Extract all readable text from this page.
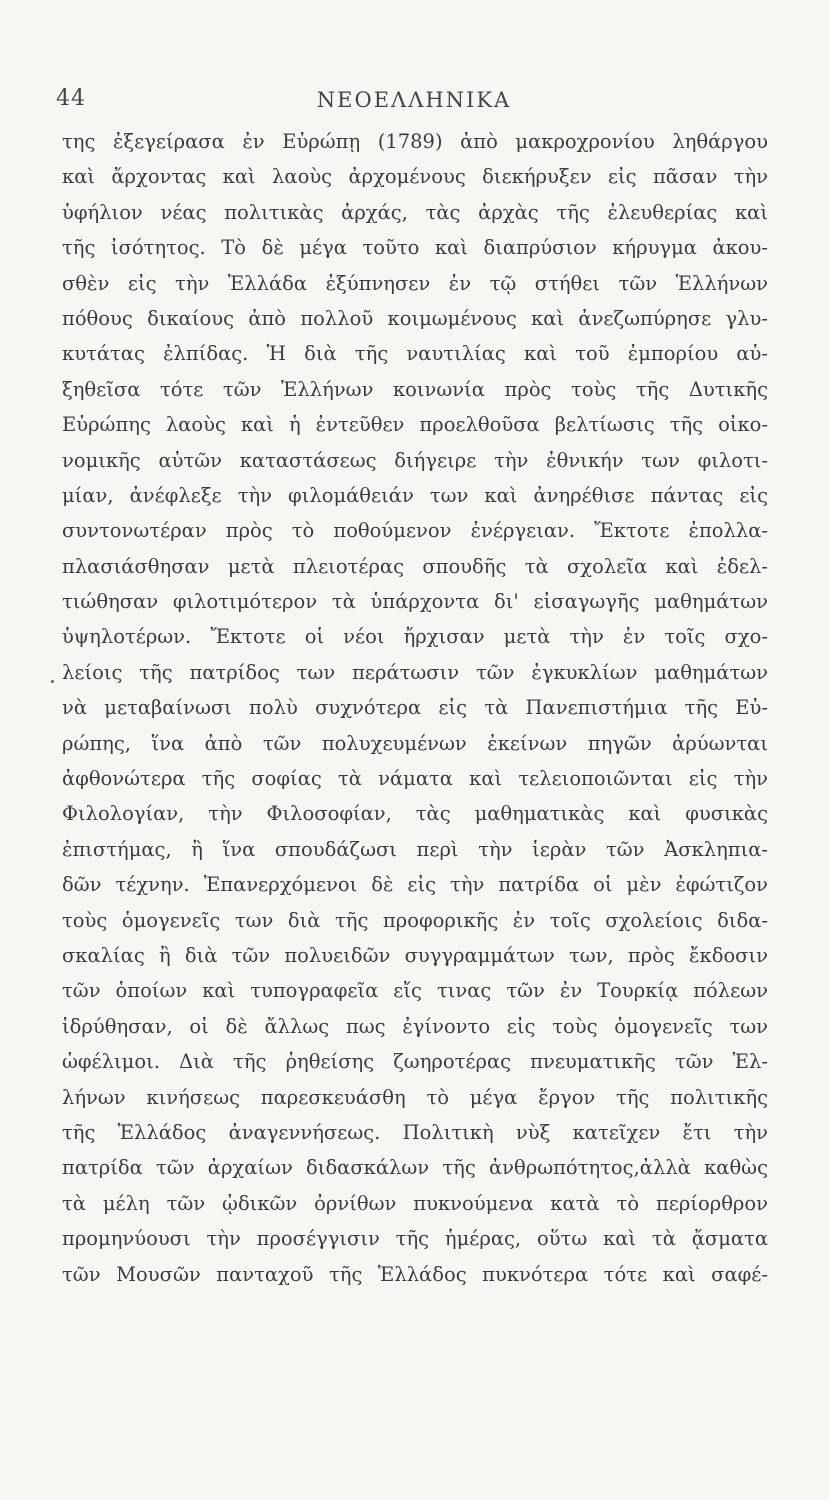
44	ΝΕΟΕΛΛΗΝΙΚΑ
της ἐξεγείρασα ἐν Εὐρώπῃ (1789) ἀπὸ μακροχρονίου ληθάργου
καὶ ἄρχοντας καὶ λαοὺς ἀρχομένους διεκήρυξεν εἰς πᾶσαν τὴν
ὑφήλιον νέας πολιτικὰς ἀρχάς, τὰς ἀρχὰς τῆς ἐλευθερίας καὶ
τῆς ἰσότητος. Τὸ δὲ μέγα τοῦτο καὶ διαπρύσιον κήρυγμα ἀκου-
σθὲν εἰς τὴν Ἑλλάδα ἐξύπνησεν ἐν τῷ στήθει τῶν Ἑλλήνων
πόθους δικαίους ἀπὸ πολλοῦ κοιμωμένους καὶ ἀνεζωπύρησε γλυ-
κυτάτας ἐλπίδας. Ἡ διὰ τῆς ναυτιλίας καὶ τοῦ ἐμπορίου αὐ-
ξηθεῖσα τότε τῶν Ἑλλήνων κοινωνία πρὸς τοὺς τῆς Δυτικῆς
Εὐρώπης λαοὺς καὶ ἡ ἐντεῦθεν προελθοῦσα βελτίωσις τῆς οἰκο-
νομικῆς αὐτῶν καταστάσεως διήγειρε τὴν ἐθνικήν των φιλοτι-
μίαν, ἀνέφλεξε τὴν φιλομάθειάν των καὶ ἀνηρέθισε πάντας εἰς
συντονωτέραν πρὸς τὸ ποθούμενον ἐνέργειαν. Ἔκτοτε ἐπολλα-
πλασιάσθησαν μετὰ πλειοτέρας σπουδῆς τὰ σχολεῖα καὶ ἐδελ-
τιώθησαν φιλοτιμότερον τὰ ὑπάρχοντα δι' εἰσαγωγῆς μαθημάτων
ὑψηλοτέρων. Ἔκτοτε οἱ νέοι ἤρχισαν μετὰ τὴν ἐν τοῖς σχο-
λείοις τῆς πατρίδος των περάτωσιν τῶν ἐγκυκλίων μαθημάτων
νὰ μεταβαίνωσι πολὺ συχνότερα εἰς τὰ Πανεπιστήμια τῆς Εὐ-
ρώπης, ἵνα ἀπὸ τῶν πολυχευμένων ἐκείνων πηγῶν ἀρύωνται
ἀφθονώτερα τῆς σοφίας τὰ νάματα καὶ τελειοποιῶνται εἰς τὴν
Φιλολογίαν, τὴν Φιλοσοφίαν, τὰς μαθηματικὰς καὶ φυσικὰς
ἐπιστήμας, ἢ ἵνα σπουδάζωσι περὶ τὴν ἱερὰν τῶν Ἀσκληπια-
δῶν τέχνην. Ἐπανερχόμενοι δὲ εἰς τὴν πατρίδα οἱ μὲν ἐφώτιζον
τοὺς ὁμογενεῖς των διὰ τῆς προφορικῆς ἐν τοῖς σχολείοις διδα-
σκαλίας ἢ διὰ τῶν πολυειδῶν συγγραμμάτων των, πρὸς ἔκδοσιν
τῶν ὁποίων καὶ τυπογραφεῖα εἴς τινας τῶν ἐν Τουρκίᾳ πόλεων
ἱδρύθησαν, οἱ δὲ ἄλλως πως ἐγίνοντο εἰς τοὺς ὁμογενεῖς των
ὠφέλιμοι. Διὰ τῆς ῥηθείσης ζωηροτέρας πνευματικῆς τῶν Ἑλ-
λήνων κινήσεως παρεσκευάσθη τὸ μέγα ἔργον τῆς πολιτικῆς
τῆς Ἑλλάδος ἀναγεννήσεως. Πολιτικὴ νὺξ κατεῖχεν ἔτι τὴν
πατρίδα τῶν ἀρχαίων διδασκάλων τῆς ἀνθρωπότητος,ἀλλὰ καθὼς
τὰ μέλη τῶν ᾠδικῶν ὀρνίθων πυκνούμενα κατὰ τὸ περίορθρον
προμηνύουσι τὴν προσέγγισιν τῆς ἡμέρας, οὕτω καὶ τὰ ᾄσματα
τῶν Μουσῶν πανταχοῦ τῆς Ἑλλάδος πυκνότερα τότε καὶ σαφέ-
